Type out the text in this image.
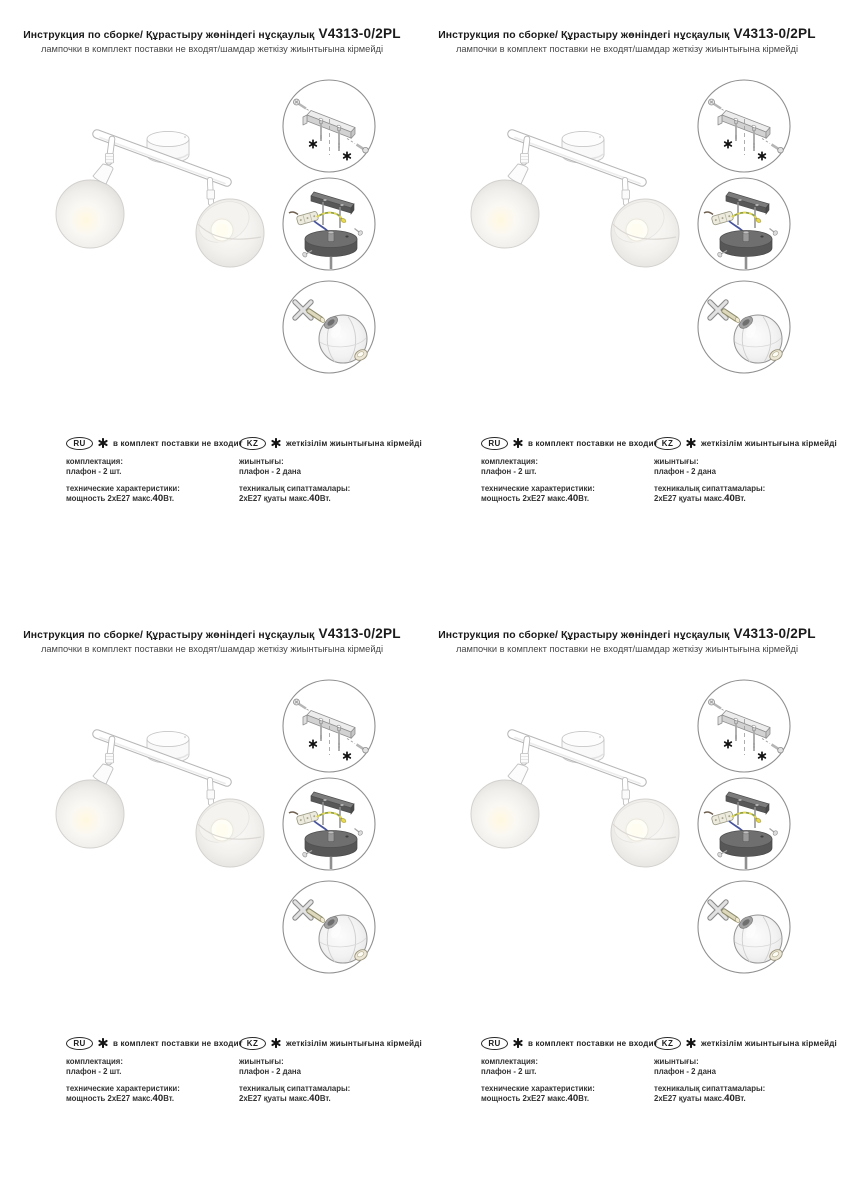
Инструкция по сборке/ Құрастыру жөніндегі нұсқаулық V4313-0/2PL
лампочки в комплект поставки не входят/шамдар жеткізу жиынтығына кірмейді
RU	в комплект поставки не входит
комплектация:
плафон - 2 шт.
технические характеристики:
мощность 2хЕ27 макс.40Вт.
KZ	жеткізілім жиынтығына кірмейді
жиынтығы:
плафон - 2 дана
техникалық сипаттамалары:
2хЕ27 қуаты макс.40Вт.
Инструкция по сборке/ Құрастыру жөніндегі нұсқаулық V4313-0/2PL
лампочки в комплект поставки не входят/шамдар жеткізу жиынтығына кірмейді
RU	в комплект поставки не входит
комплектация:
плафон - 2 шт.
технические характеристики:
мощность 2хЕ27 макс.40Вт.
KZ	жеткізілім жиынтығына кірмейді
жиынтығы:
плафон - 2 дана
техникалық сипаттамалары:
2хЕ27 қуаты макс.40Вт.
Инструкция по сборке/ Құрастыру жөніндегі нұсқаулық V4313-0/2PL
лампочки в комплект поставки не входят/шамдар жеткізу жиынтығына кірмейді
RU	в комплект поставки не входит
комплектация:
плафон - 2 шт.
технические характеристики:
мощность 2хЕ27 макс.40Вт.
KZ	жеткізілім жиынтығына кірмейді
жиынтығы:
плафон - 2 дана
техникалық сипаттамалары:
2хЕ27 қуаты макс.40Вт.
Инструкция по сборке/ Құрастыру жөніндегі нұсқаулық V4313-0/2PL
лампочки в комплект поставки не входят/шамдар жеткізу жиынтығына кірмейді
RU	в комплект поставки не входит
комплектация:
плафон - 2 шт.
технические характеристики:
мощность 2хЕ27 макс.40Вт.
KZ	жеткізілім жиынтығына кірмейді
жиынтығы:
плафон - 2 дана
техникалық сипаттамалары:
2хЕ27 қуаты макс.40Вт.
